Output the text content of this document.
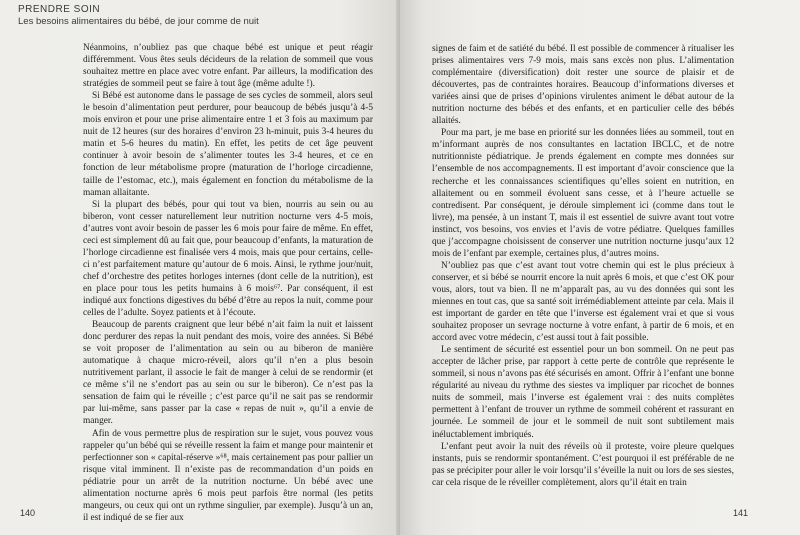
PRENDRE SOIN
Les besoins alimentaires du bébé, de jour comme de nuit

Néanmoins, n’oubliez pas que chaque bébé est unique et peut réagir différemment. Vous êtes seuls décideurs de la relation de sommeil que vous souhaitez mettre en place avec votre enfant. Par ailleurs, la modification des stratégies de sommeil peut se faire à tout âge (même adulte !).

Si Bébé est autonome dans le passage de ses cycles de sommeil, alors seul le besoin d’alimentation peut perdurer, pour beaucoup de bébés jusqu’à 4-5 mois environ et pour une prise alimentaire entre 1 et 3 fois au maximum par nuit de 12 heures (sur des horaires d’environ 23 h-minuit, puis 3-4 heures du matin et 5-6 heures du matin). En effet, les petits de cet âge peuvent continuer à avoir besoin de s’alimenter toutes les 3-4 heures, et ce en fonction de leur métabolisme propre (maturation de l’horloge circadienne, taille de l’estomac, etc.), mais également en fonction du métabolisme de la maman allaitante.

Si la plupart des bébés, pour qui tout va bien, nourris au sein ou au biberon, vont cesser naturellement leur nutrition nocturne vers 4-5 mois, d’autres vont avoir besoin de passer les 6 mois pour faire de même. En effet, ceci est simplement dû au fait que, pour beaucoup d’enfants, la maturation de l’horloge circadienne est finalisée vers 4 mois, mais que pour certains, celle-ci n’est parfaitement mature qu’autour de 6 mois. Ainsi, le rythme jour/nuit, chef d’orchestre des petites horloges internes (dont celle de la nutrition), est en place pour tous les petits humains à 6 mois⁶⁷. Par conséquent, il est indiqué aux fonctions digestives du bébé d’être au repos la nuit, comme pour celles de l’adulte. Soyez patients et à l’écoute.

Beaucoup de parents craignent que leur bébé n’ait faim la nuit et laissent donc perdurer des repas la nuit pendant des mois, voire des années. Si Bébé se voit proposer de l’alimentation au sein ou au biberon de manière automatique à chaque micro-réveil, alors qu’il n’en a plus besoin nutritivement parlant, il associe le fait de manger à celui de se rendormir (et ce même s’il ne s’endort pas au sein ou sur le biberon). Ce n’est pas la sensation de faim qui le réveille ; c’est parce qu’il ne sait pas se rendormir par lui-même, sans passer par la case « repas de nuit », qu’il a envie de manger.

Afin de vous permettre plus de respiration sur le sujet, vous pouvez vous rappeler qu’un bébé qui se réveille ressent la faim et mange pour maintenir et perfectionner son « capital-réserve »⁶⁸, mais certainement pas pour pallier un risque vital imminent. Il n’existe pas de recommandation d’un poids en pédiatrie pour un arrêt de la nutrition nocturne. Un bébé avec une alimentation nocturne après 6 mois peut parfois être normal (les petits mangeurs, ou ceux qui ont un rythme singulier, par exemple). Jusqu’à un an, il est indiqué de se fier aux

140

signes de faim et de satiété du bébé. Il est possible de commencer à ritualiser les prises alimentaires vers 7-9 mois, mais sans excès non plus. L’alimentation complémentaire (diversification) doit rester une source de plaisir et de découvertes, pas de contraintes horaires. Beaucoup d’informations diverses et variées ainsi que de prises d’opinions virulentes animent le débat autour de la nutrition nocturne des bébés et des enfants, et en particulier celle des bébés allaités.

Pour ma part, je me base en priorité sur les données liées au sommeil, tout en m’informant auprès de nos consultantes en lactation IBCLC, et de notre nutritionniste pédiatrique. Je prends également en compte mes données sur l’ensemble de nos accompagnements. Il est important d’avoir conscience que la recherche et les connaissances scientifiques qu’elles soient en nutrition, en allaitement ou en sommeil évoluent sans cesse, et à l’heure actuelle se contredisent. Par conséquent, je déroule simplement ici (comme dans tout le livre), ma pensée, à un instant T, mais il est essentiel de suivre avant tout votre instinct, vos besoins, vos envies et l’avis de votre pédiatre. Quelques familles que j’accompagne choisissent de conserver une nutrition nocturne jusqu’aux 12 mois de l’enfant par exemple, certaines plus, d’autres moins.

N’oubliez pas que c’est avant tout votre chemin qui est le plus précieux à conserver, et si bébé se nourrit encore la nuit après 6 mois, et que c’est OK pour vous, alors, tout va bien. Il ne m’apparaît pas, au vu des données qui sont les miennes en tout cas, que sa santé soit irrémédiablement atteinte par cela. Mais il est important de garder en tête que l’inverse est également vrai et que si vous souhaitez proposer un sevrage nocturne à votre enfant, à partir de 6 mois, et en accord avec votre médecin, c’est aussi tout à fait possible.

Le sentiment de sécurité est essentiel pour un bon sommeil. On ne peut pas accepter de lâcher prise, par rapport à cette perte de contrôle que représente le sommeil, si nous n’avons pas été sécurisés en amont. Offrir à l’enfant une bonne régularité au niveau du rythme des siestes va impliquer par ricochet de bonnes nuits de sommeil, mais l’inverse est également vrai : des nuits complètes permettent à l’enfant de trouver un rythme de sommeil cohérent et rassurant en journée. Le sommeil de jour et le sommeil de nuit sont subtilement mais inéluctablement imbriqués.

L’enfant peut avoir la nuit des réveils où il proteste, voire pleure quelques instants, puis se rendormir spontanément. C’est pourquoi il est préférable de ne pas se précipiter pour aller le voir lorsqu’il s’éveille la nuit ou lors de ses siestes, car cela risque de le réveiller complètement, alors qu’il était en train

141
